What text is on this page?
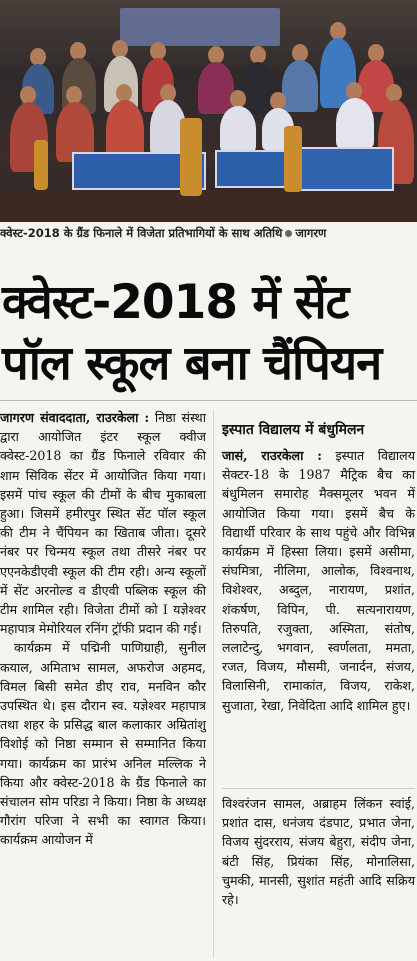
क्वेस्ट-2018 के ग्रैंड फिनाले में विजेता प्रतिभागियों के साथ अतिथि जागरण
क्वेस्ट-2018 में सेंट
पॉल स्कूल बना चैंपियन

जागरण संवाददाता, राउरकेला : निष्ठा संस्था द्वारा आयोजित इंटर स्कूल क्वीज क्वेस्ट-2018 का ग्रैंड फिनाले रविवार की शाम सिविक सेंटर में आयोजित किया गया। इसमें पांच स्कूल की टीमों के बीच मुकाबला हुआ। जिसमें हमीरपुर स्थित सेंट पॉल स्कूल की टीम ने चैंपियन का खिताब जीता। दूसरे नंबर पर चिन्मय स्कूल तथा तीसरे नंबर पर एएनकेडीएवी स्कूल की टीम रही। अन्य स्कूलों में सेंट अरनोल्ड व डीएवी पब्लिक स्कूल की टीम शामिल रही। विजेता टीमों को I यज्ञेश्वर महापात्र मेमोरियल रनिंग ट्रॉफी प्रदान की गई।

कार्यक्रम में पद्मिनी पाणिग्राही, सुनील कयाल, अमिताभ सामल, अफरोज अहमद, विमल बिसी समेत डीए राव, मनविन कौर उपस्थित थे। इस दौरान स्व. यज्ञेश्वर महापात्र तथा शहर के प्रसिद्ध बाल कलाकार अम्रितांशु विशोई को निष्ठा सम्मान से सम्मानित किया गया। कार्यक्रम का प्रारंभ अनिल मल्लिक ने किया और क्वेस्ट-2018 के ग्रैंड फिनाले का संचालन सोम परिडा ने किया। निष्ठा के अध्यक्ष गौरांग परिजा ने सभी का स्वागत किया। कार्यक्रम आयोजन में

इस्पात विद्यालय में बंधुमिलन

जासं, राउरकेला : इस्पात विद्यालय सेक्टर-18 के 1987 मैट्रिक बैच का बंधुमिलन समारोह मैक्समूलर भवन में आयोजित किया गया। इसमें बैच के विद्यार्थी परिवार के साथ पहुंचे और विभिन्न कार्यक्रम में हिस्सा लिया। इसमें असीमा, संघमित्रा, नीलिमा, आलोक, विश्वनाथ, विशेश्वर, अब्दुल, नारायण, प्रशांत, शंकर्षण, विपिन, पी. सत्यनारायण, तिरुपति, रजुक्ता, अस्मिता, संतोष, ललाटेन्दु, भगवान, स्वर्णलता, ममता, रजत, विजय, मौसमी, जनार्दन, संजय, विलासिनी, रामाकांत, विजय, राकेश, सुजाता, रेखा, निवेदिता आदि शामिल हुए।

विश्वरंजन सामल, अब्राहम लिंकन स्वांई, प्रशांत दास, धनंजय दंडपाट, प्रभात जेना, विजय सुंदरराय, संजय बेहुरा, संदीप जेना, बंटी सिंह, प्रियंका सिंह, मोनालिसा, चुमकी, मानसी, सुशांत महंती आदि सक्रिय रहे।
